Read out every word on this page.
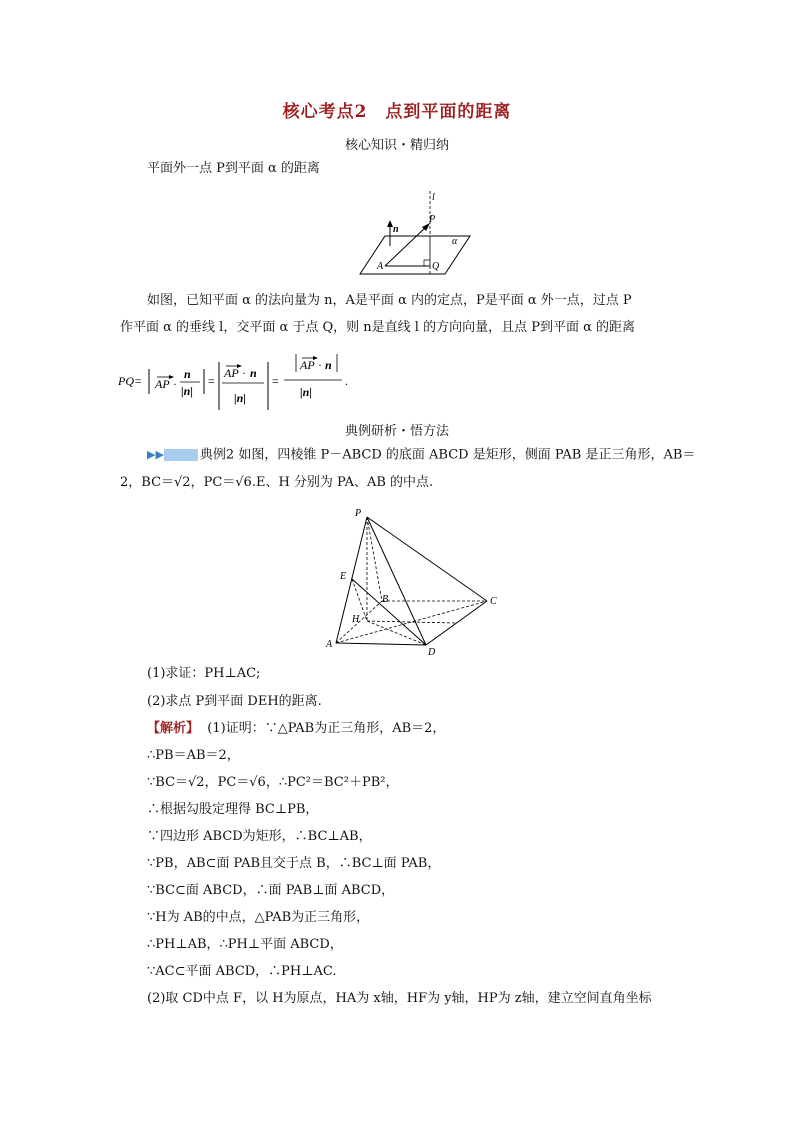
核心考点2　点到平面的距离
核心知识・精归纳
平面外一点 P到平面 α 的距离
l
P
n
α
A	Q
如图，已知平面 α 的法向量为 n，A是平面 α 内的定点，P是平面 α 外一点，过点 P
作平面 α 的垂线 l，交平面 α 于点 Q，则 n是直线 l 的方向向量，且点 P到平面 α 的距离
PQ= AP ·
n
|n|
=
AP · n
|n|
=
AP · n
|n|
.
典例研析・悟方法
▶▶	典例2 如图，四棱锥 P－ABCD 的底面 ABCD 是矩形，侧面 PAB 是正三角形，AB＝
2，BC＝√2，PC＝√6.E、H 分别为 PA、AB 的中点.
P
E
B
H
A
D
C
(1)求证：PH⊥AC;
(2)求点 P到平面 DEH的距离.
【解析】 (1)证明：∵△PAB为正三角形，AB＝2，
∴PB＝AB＝2，
∵BC＝√2，PC＝√6，∴PC²＝BC²＋PB²，
∴根据勾股定理得 BC⊥PB，
∵四边形 ABCD为矩形，∴BC⊥AB，
∵PB，AB⊂面 PAB且交于点 B，∴BC⊥面 PAB，
∵BC⊂面 ABCD，∴面 PAB⊥面 ABCD，
∵H为 AB的中点，△PAB为正三角形，
∴PH⊥AB，∴PH⊥平面 ABCD，
∵AC⊂平面 ABCD，∴PH⊥AC.
(2)取 CD中点 F，以 H为原点，HA为 x轴，HF为 y轴，HP为 z轴，建立空间直角坐标
